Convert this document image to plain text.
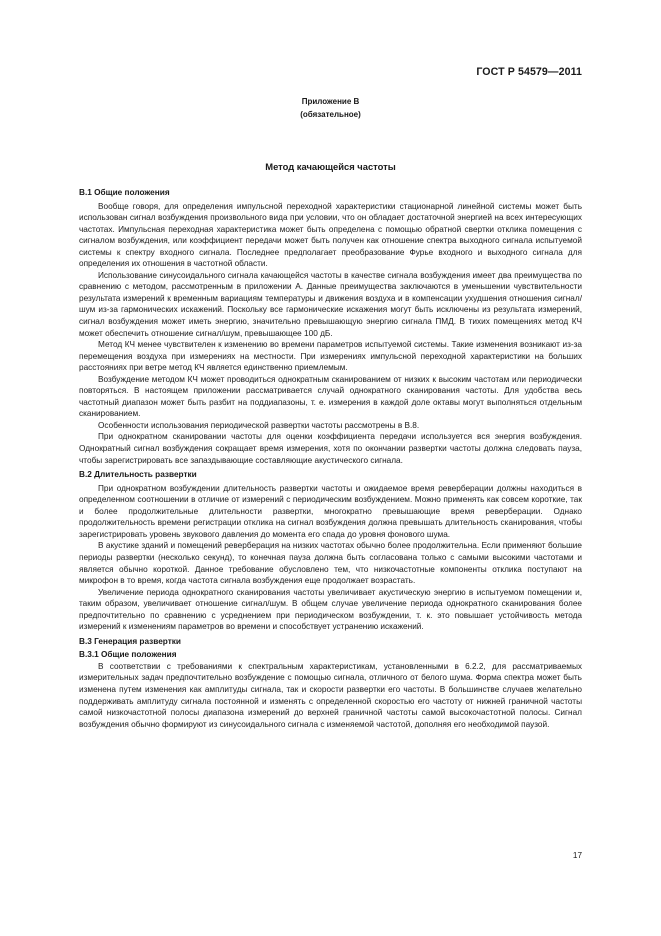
ГОСТ Р 54579—2011
Приложение В
(обязательное)
Метод качающейся частоты
В.1 Общие положения

Вообще говоря, для определения импульсной переходной характеристики стационарной линейной системы может быть использован сигнал возбуждения произвольного вида при условии, что он обладает достаточной энергией на всех интересующих частотах. Импульсная переходная характеристика может быть определена с помощью обратной свертки отклика помещения с сигналом возбуждения, или коэффициент передачи может быть получен как отношение спектра выходного сигнала испытуемой системы к спектру входного сигнала. Последнее предполагает преобразование Фурье входного и выходного сигнала для определения их отношения в частотной области.

Использование синусоидального сигнала качающейся частоты в качестве сигнала возбуждения имеет два преимущества по сравнению с методом, рассмотренным в приложении А. Данные преимущества заключаются в уменьшении чувствительности результата измерений к временным вариациям температуры и движения воздуха и в компенсации ухудшения отношения сигнал/шум из-за гармонических искажений. Поскольку все гармонические искажения могут быть исключены из результата измерений, сигнал возбуждения может иметь энергию, значительно превышающую энергию сигнала ПМД. В тихих помещениях метод КЧ может обеспечить отношение сигнал/шум, превышающее 100 дБ.

Метод КЧ менее чувствителен к изменению во времени параметров испытуемой системы. Такие изменения возникают из-за перемещения воздуха при измерениях на местности. При измерениях импульсной переходной характеристики на больших расстояниях при ветре метод КЧ является единственно приемлемым.

Возбуждение методом КЧ может проводиться однократным сканированием от низких к высоким частотам или периодически повторяться. В настоящем приложении рассматривается случай однократного сканирования частоты. Для удобства весь частотный диапазон может быть разбит на поддиапазоны, т. е. измерения в каждой доле октавы могут выполняться отдельным сканированием.

Особенности использования периодической развертки частоты рассмотрены в В.8.

При однократном сканировании частоты для оценки коэффициента передачи используется вся энергия возбуждения. Однократный сигнал возбуждения сокращает время измерения, хотя по окончании развертки частоты должна следовать пауза, чтобы зарегистрировать все запаздывающие составляющие акустического сигнала.

В.2 Длительность развертки

При однократном возбуждении длительность развертки частоты и ожидаемое время реверберации должны находиться в определенном соотношении в отличие от измерений с периодическим возбуждением. Можно применять как совсем короткие, так и более продолжительные длительности развертки, многократно превышающие время реверберации. Однако продолжительность времени регистрации отклика на сигнал возбуждения должна превышать длительность сканирования, чтобы зарегистрировать уровень звукового давления до момента его спада до уровня фонового шума.

В акустике зданий и помещений реверберация на низких частотах обычно более продолжительна. Если применяют большие периоды развертки (несколько секунд), то конечная пауза должна быть согласована только с самыми высокими частотами и является обычно короткой. Данное требование обусловлено тем, что низкочастотные компоненты отклика поступают на микрофон в то время, когда частота сигнала возбуждения еще продолжает возрастать.

Увеличение периода однократного сканирования частоты увеличивает акустическую энергию в испытуемом помещении и, таким образом, увеличивает отношение сигнал/шум. В общем случае увеличение периода однократного сканирования более предпочтительно по сравнению с усреднением при периодическом возбуждении, т. к. это повышает устойчивость метода измерений к изменениям параметров во времени и способствует устранению искажений.

В.3 Генерация развертки
В.3.1 Общие положения

В соответствии с требованиями к спектральным характеристикам, установленными в 6.2.2, для рассматриваемых измерительных задач предпочтительно возбуждение с помощью сигнала, отличного от белого шума. Форма спектра может быть изменена путем изменения как амплитуды сигнала, так и скорости развертки его частоты. В большинстве случаев желательно поддерживать амплитуду сигнала постоянной и изменять с определенной скоростью его частоту от нижней граничной частоты самой низкочастотной полосы диапазона измерений до верхней граничной частоты самой высокочастотной полосы. Сигнал возбуждения обычно формируют из синусоидального сигнала с изменяемой частотой, дополняя его необходимой паузой.

17
